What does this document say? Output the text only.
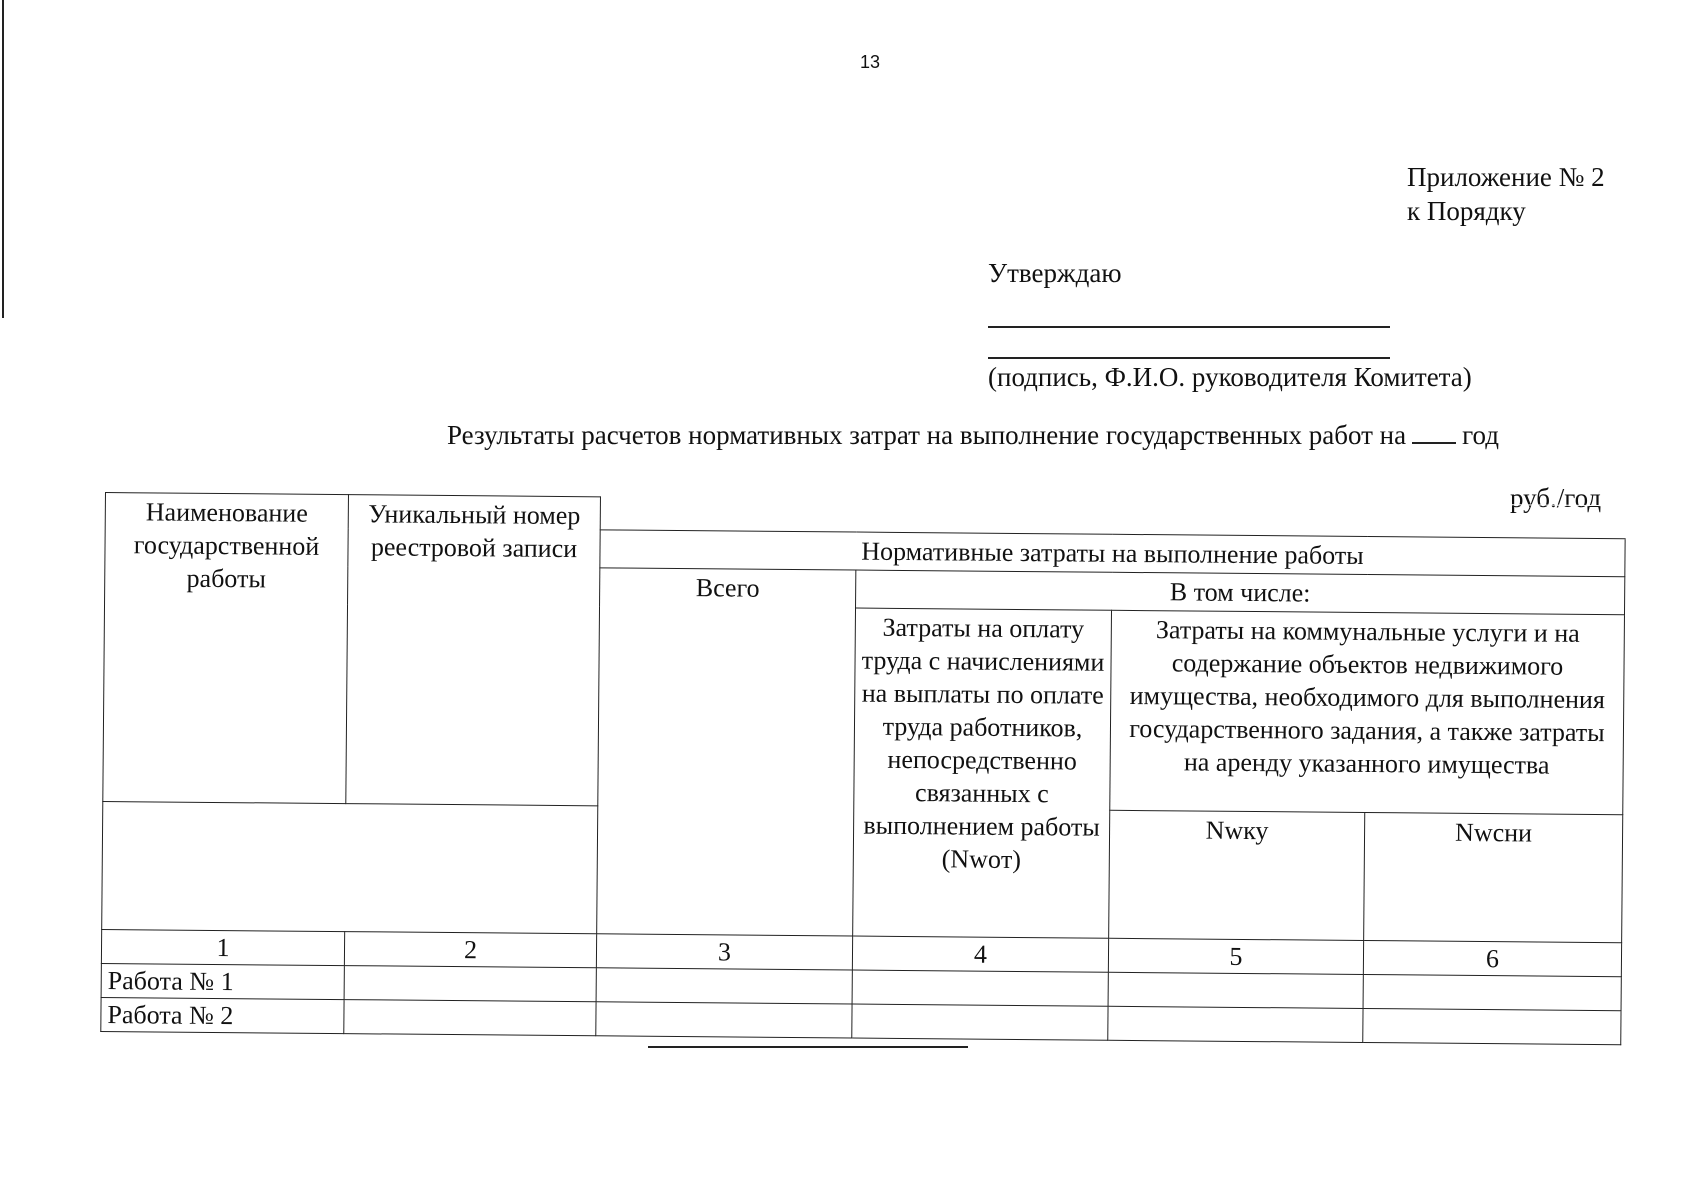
13
Приложение № 2
к Порядку
Утверждаю
(подпись, Ф.И.О. руководителя Комитета)
Результаты расчетов нормативных затрат на выполнение государственных работ на год
руб./год
Наименование государственной работы	Уникальный номер реестровой записи				
		Нормативные затраты на выполнение работы			
		Всего	В том числе:		
			Затраты на оплату труда с начислениями на выплаты по оплате труда работников, непосредственно связанных с выполнением работы (Nwoт)	Затраты на коммунальные услуги и на содержание объектов недвижимого имущества, необходимого для выполнения государственного задания, а также затраты на аренду указанного имущества	
				Nwку	Nwсни
1	2	3	4	5	6
Работа № 1					
Работа № 2					
